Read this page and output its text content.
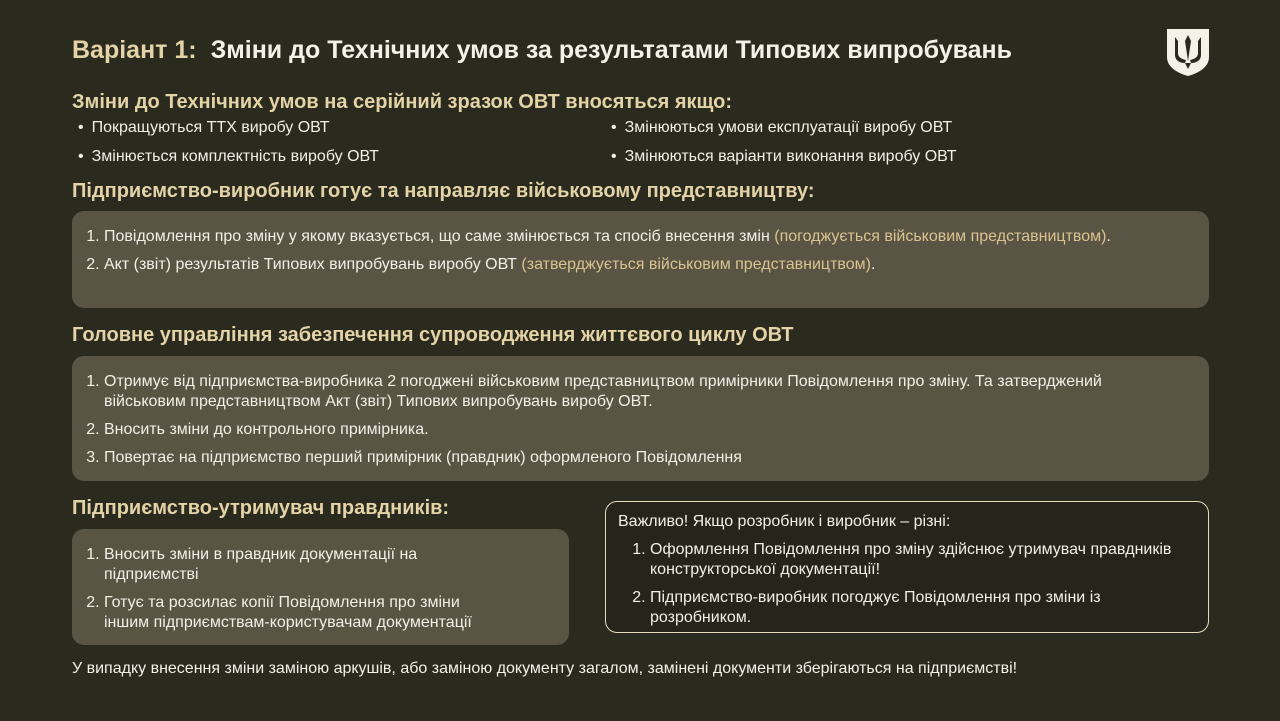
Варіант 1: Зміни до Технічних умов за результатами Типових випробувань
Зміни до Технічних умов на серійний зразок ОВТ вносяться якщо:
• Покращуються ТТХ виробу ОВТ	• Змінюються умови експлуатації виробу ОВТ
• Змінюється комплектність виробу ОВТ	• Змінюються варіанти виконання виробу ОВТ
Підприємство-виробник готує та направляє військовому представництву:
1. Повідомлення про зміну у якому вказується, що саме змінюється та спосіб внесення змін (погоджується військовим представництвом).
2. Акт (звіт) результатів Типових випробувань виробу ОВТ (затверджується військовим представництвом).
Головне управління забезпечення супроводження життєвого циклу ОВТ
1. Отримує від підприємства-виробника 2 погоджені військовим представництвом примірники Повідомлення про зміну. Та затверджений військовим представництвом Акт (звіт) Типових випробувань виробу ОВТ.
2. Вносить зміни до контрольного примірника.
3. Повертає на підприємство перший примірник (правдник) оформленого Повідомлення
Підприємство-утримувач правдників:
1. Вносить зміни в правдник документації на підприємстві
2. Готує та розсилає копії Повідомлення про зміни іншим підприємствам-користувачам документації
Важливо! Якщо розробник і виробник – різні:
1. Оформлення Повідомлення про зміну здійснює утримувач правдників конструкторської документації!
2. Підприємство-виробник погоджує Повідомлення про зміни із розробником.
У випадку внесення зміни заміною аркушів, або заміною документу загалом, замінені документи зберігаються на підприємстві!
